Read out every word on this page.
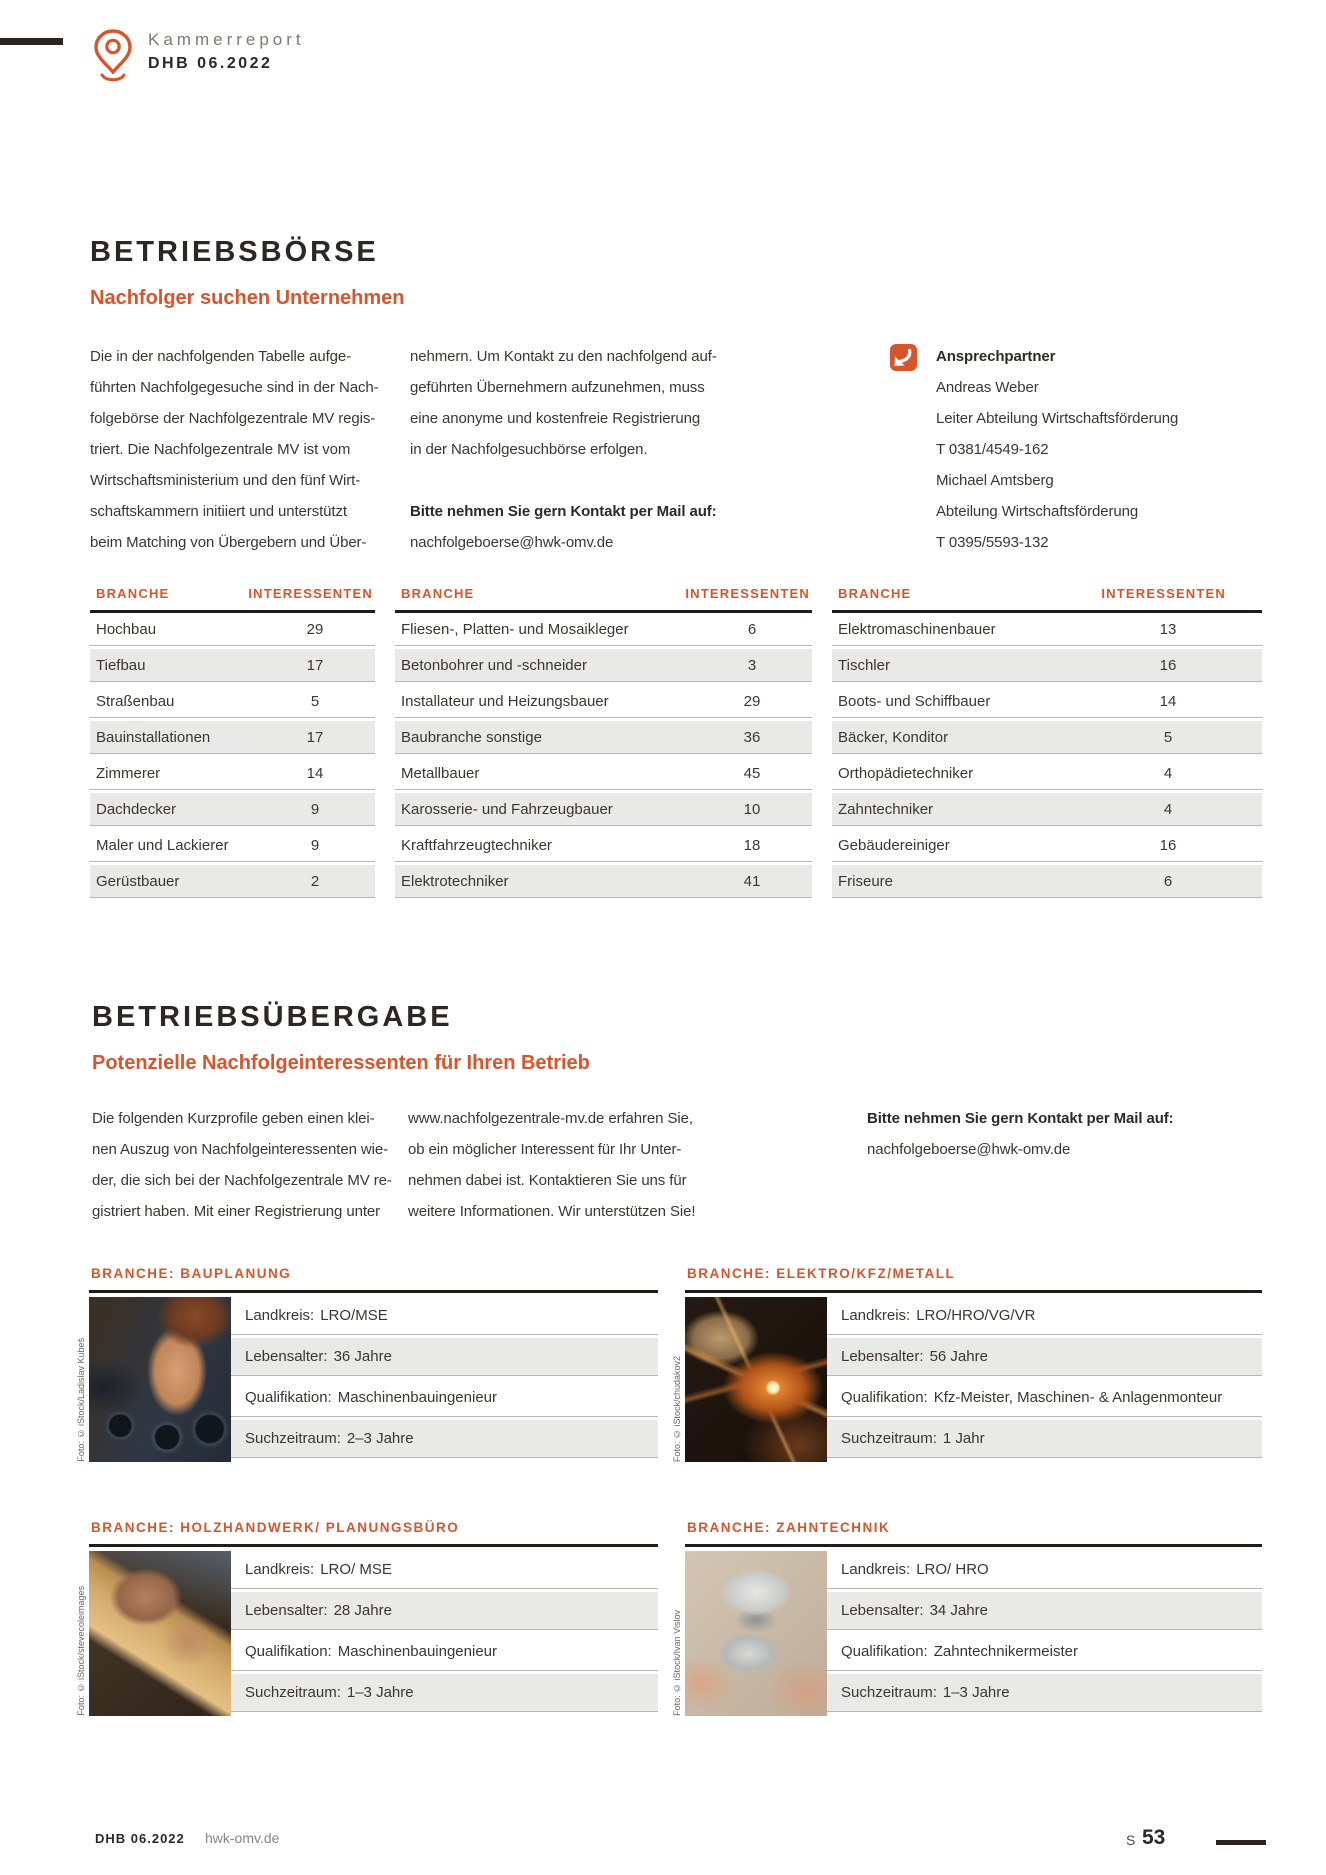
Kammerreport
DHB 06.2022
BETRIEBSBÖRSE
Nachfolger suchen Unternehmen
Die in der nachfolgenden Tabelle aufge-
führten Nachfolgegesuche sind in der Nach-
folgebörse der Nachfolgezentrale MV regis-
triert. Die Nachfolgezentrale MV ist vom
Wirtschaftsministerium und den fünf Wirt-
schaftskammern initiiert und unterstützt
beim Matching von Übergebern und Über-
nehmern. Um Kontakt zu den nachfolgend auf-
geführten Übernehmern aufzunehmen, muss
eine anonyme und kostenfreie Registrierung
in der Nachfolgesuchbörse erfolgen.
Bitte nehmen Sie gern Kontakt per Mail auf:
nachfolgeboerse@hwk-omv.de
Ansprechpartner
Andreas Weber
Leiter Abteilung Wirtschaftsförderung
T 0381/4549-162
Michael Amtsberg
Abteilung Wirtschaftsförderung
T 0395/5593-132
BRANCHE	INTERESSENTEN
Hochbau	29
Tiefbau	17
Straßenbau	5
Bauinstallationen	17
Zimmerer	14
Dachdecker	9
Maler und Lackierer	9
Gerüstbauer	2
BRANCHE	INTERESSENTEN
Fliesen-, Platten- und Mosaikleger	6
Betonbohrer und -schneider	3
Installateur und Heizungsbauer	29
Baubranche sonstige	36
Metallbauer	45
Karosserie- und Fahrzeugbauer	10
Kraftfahrzeugtechniker	18
Elektrotechniker	41
BRANCHE	INTERESSENTEN
Elektromaschinenbauer	13
Tischler	16
Boots- und Schiffbauer	14
Bäcker, Konditor	5
Orthopädietechniker	4
Zahntechniker	4
Gebäudereiniger	16
Friseure	6
BETRIEBSÜBERGABE
Potenzielle Nachfolgeinteressenten für Ihren Betrieb
Die folgenden Kurzprofile geben einen klei-
nen Auszug von Nachfolgeinteressenten wie-
der, die sich bei der Nachfolgezentrale MV re-
gistriert haben. Mit einer Registrierung unter
www.nachfolgezentrale-mv.de erfahren Sie,
ob ein möglicher Interessent für Ihr Unter-
nehmen dabei ist. Kontaktieren Sie uns für
weitere Informationen. Wir unterstützen Sie!
Bitte nehmen Sie gern Kontakt per Mail auf:
nachfolgeboerse@hwk-omv.de
BRANCHE: BAUPLANUNG
Foto: © iStock/Ladislav Kubeš
Landkreis: LRO/MSE
Lebensalter: 36 Jahre
Qualifikation: Maschinenbauingenieur
Suchzeitraum: 2–3 Jahre
BRANCHE: ELEKTRO/KFZ/METALL
Foto: © iStock/chudakov2
Landkreis: LRO/HRO/VG/VR
Lebensalter: 56 Jahre
Qualifikation: Kfz-Meister, Maschinen- & Anlagenmonteur
Suchzeitraum: 1 Jahr
BRANCHE: HOLZHANDWERK/ PLANUNGSBÜRO
Foto: © iStock/stevecoleimages
Landkreis: LRO/ MSE
Lebensalter: 28 Jahre
Qualifikation: Maschinenbauingenieur
Suchzeitraum: 1–3 Jahre
BRANCHE: ZAHNTECHNIK
Foto: © iStock/Ivan Vislov
Landkreis: LRO/ HRO
Lebensalter: 34 Jahre
Qualifikation: Zahntechnikermeister
Suchzeitraum: 1–3 Jahre
DHB 06.2022 hwk-omv.de	S 53
